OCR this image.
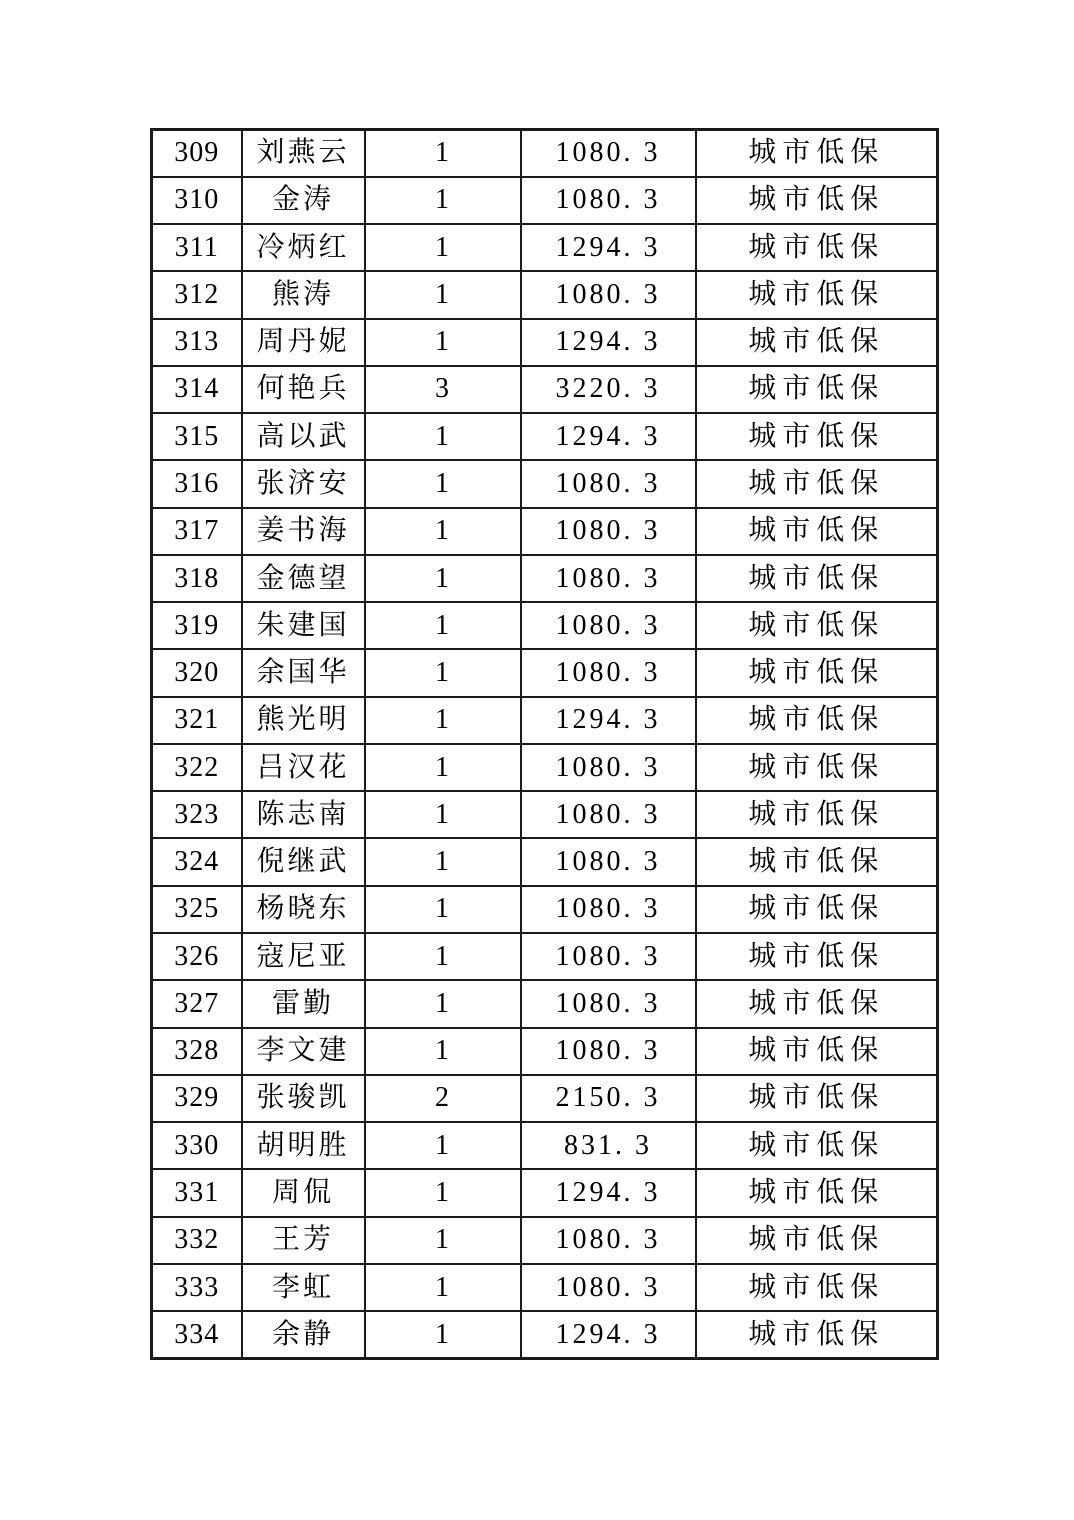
309	刘燕云	1	1080. 3	城市低保
310	金涛	1	1080. 3	城市低保
311	冷炳红	1	1294. 3	城市低保
312	熊涛	1	1080. 3	城市低保
313	周丹妮	1	1294. 3	城市低保
314	何艳兵	3	3220. 3	城市低保
315	高以武	1	1294. 3	城市低保
316	张济安	1	1080. 3	城市低保
317	姜书海	1	1080. 3	城市低保
318	金德望	1	1080. 3	城市低保
319	朱建国	1	1080. 3	城市低保
320	余国华	1	1080. 3	城市低保
321	熊光明	1	1294. 3	城市低保
322	吕汉花	1	1080. 3	城市低保
323	陈志南	1	1080. 3	城市低保
324	倪继武	1	1080. 3	城市低保
325	杨晓东	1	1080. 3	城市低保
326	寇尼亚	1	1080. 3	城市低保
327	雷勤	1	1080. 3	城市低保
328	李文建	1	1080. 3	城市低保
329	张骏凯	2	2150. 3	城市低保
330	胡明胜	1	831. 3	城市低保
331	周侃	1	1294. 3	城市低保
332	王芳	1	1080. 3	城市低保
333	李虹	1	1080. 3	城市低保
334	余静	1	1294. 3	城市低保
